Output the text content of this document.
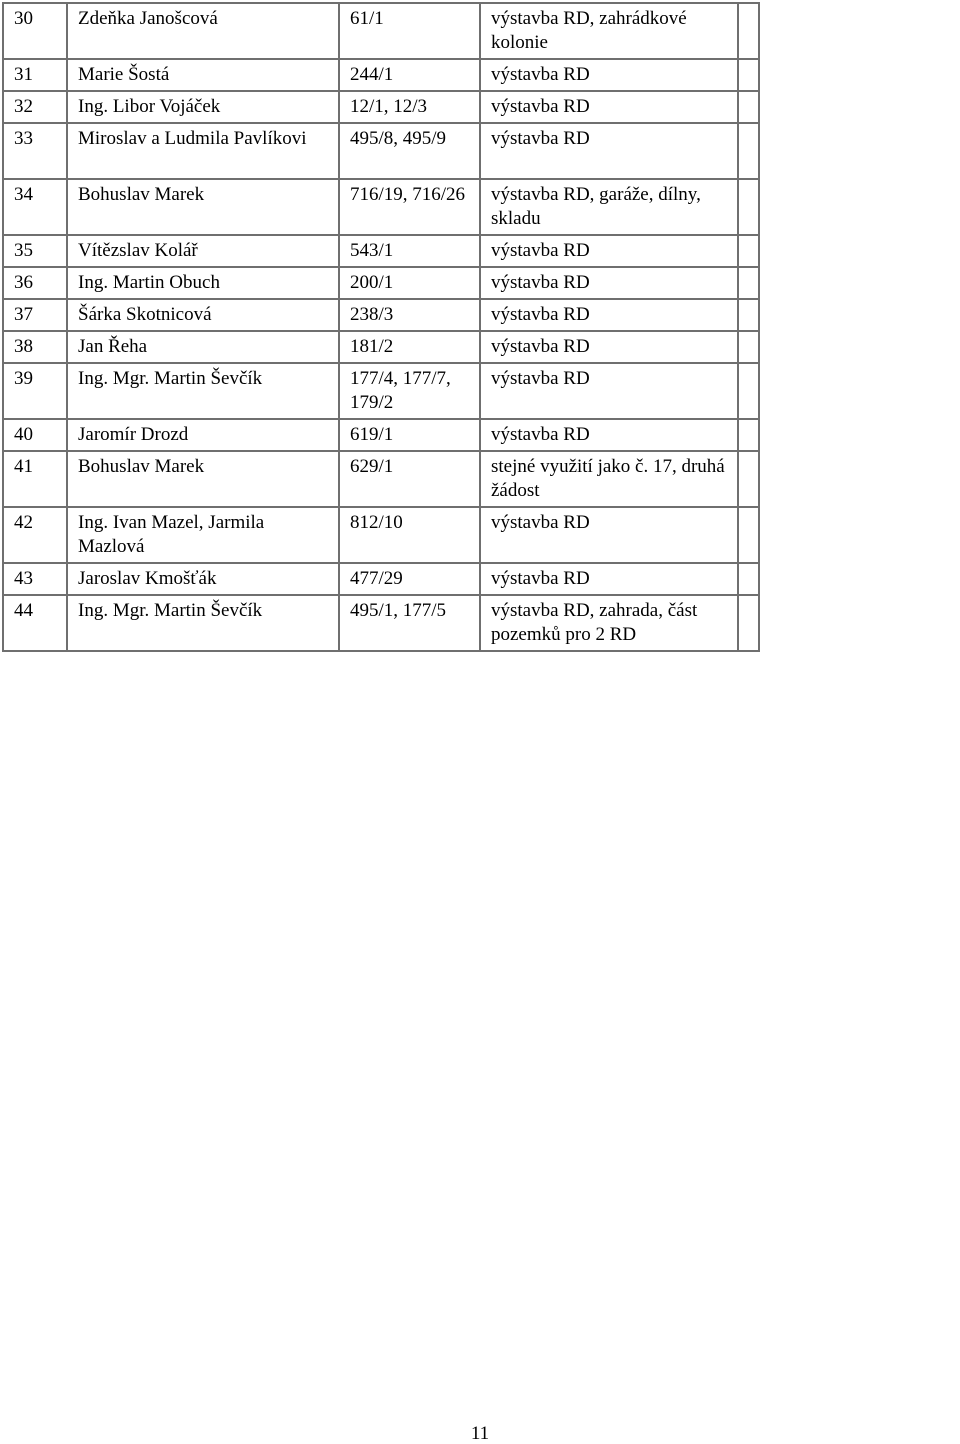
30	Zdeňka Janošcová	61/1	výstavba RD, zahrádkové kolonie	
31	Marie Šostá	244/1	výstavba RD	
32	Ing. Libor Vojáček	12/1, 12/3	výstavba RD	
33	Miroslav a Ludmila Pavlíkovi	495/8, 495/9	výstavba RD	
34	Bohuslav Marek	716/19, 716/26	výstavba RD, garáže, dílny, skladu	
35	Vítězslav Kolář	543/1	výstavba RD	
36	Ing. Martin Obuch	200/1	výstavba RD	
37	Šárka Skotnicová	238/3	výstavba RD	
38	Jan Řeha	181/2	výstavba RD	
39	Ing. Mgr. Martin Ševčík	177/4, 177/7, 179/2	výstavba RD	
40	Jaromír Drozd	619/1	výstavba RD	
41	Bohuslav Marek	629/1	stejné využití jako č. 17, druhá žádost	
42	Ing. Ivan Mazel, Jarmila Mazlová	812/10	výstavba RD	
43	Jaroslav Kmošťák	477/29	výstavba RD	
44	Ing. Mgr. Martin Ševčík	495/1, 177/5	výstavba RD, zahrada, část pozemků pro 2 RD	
11
